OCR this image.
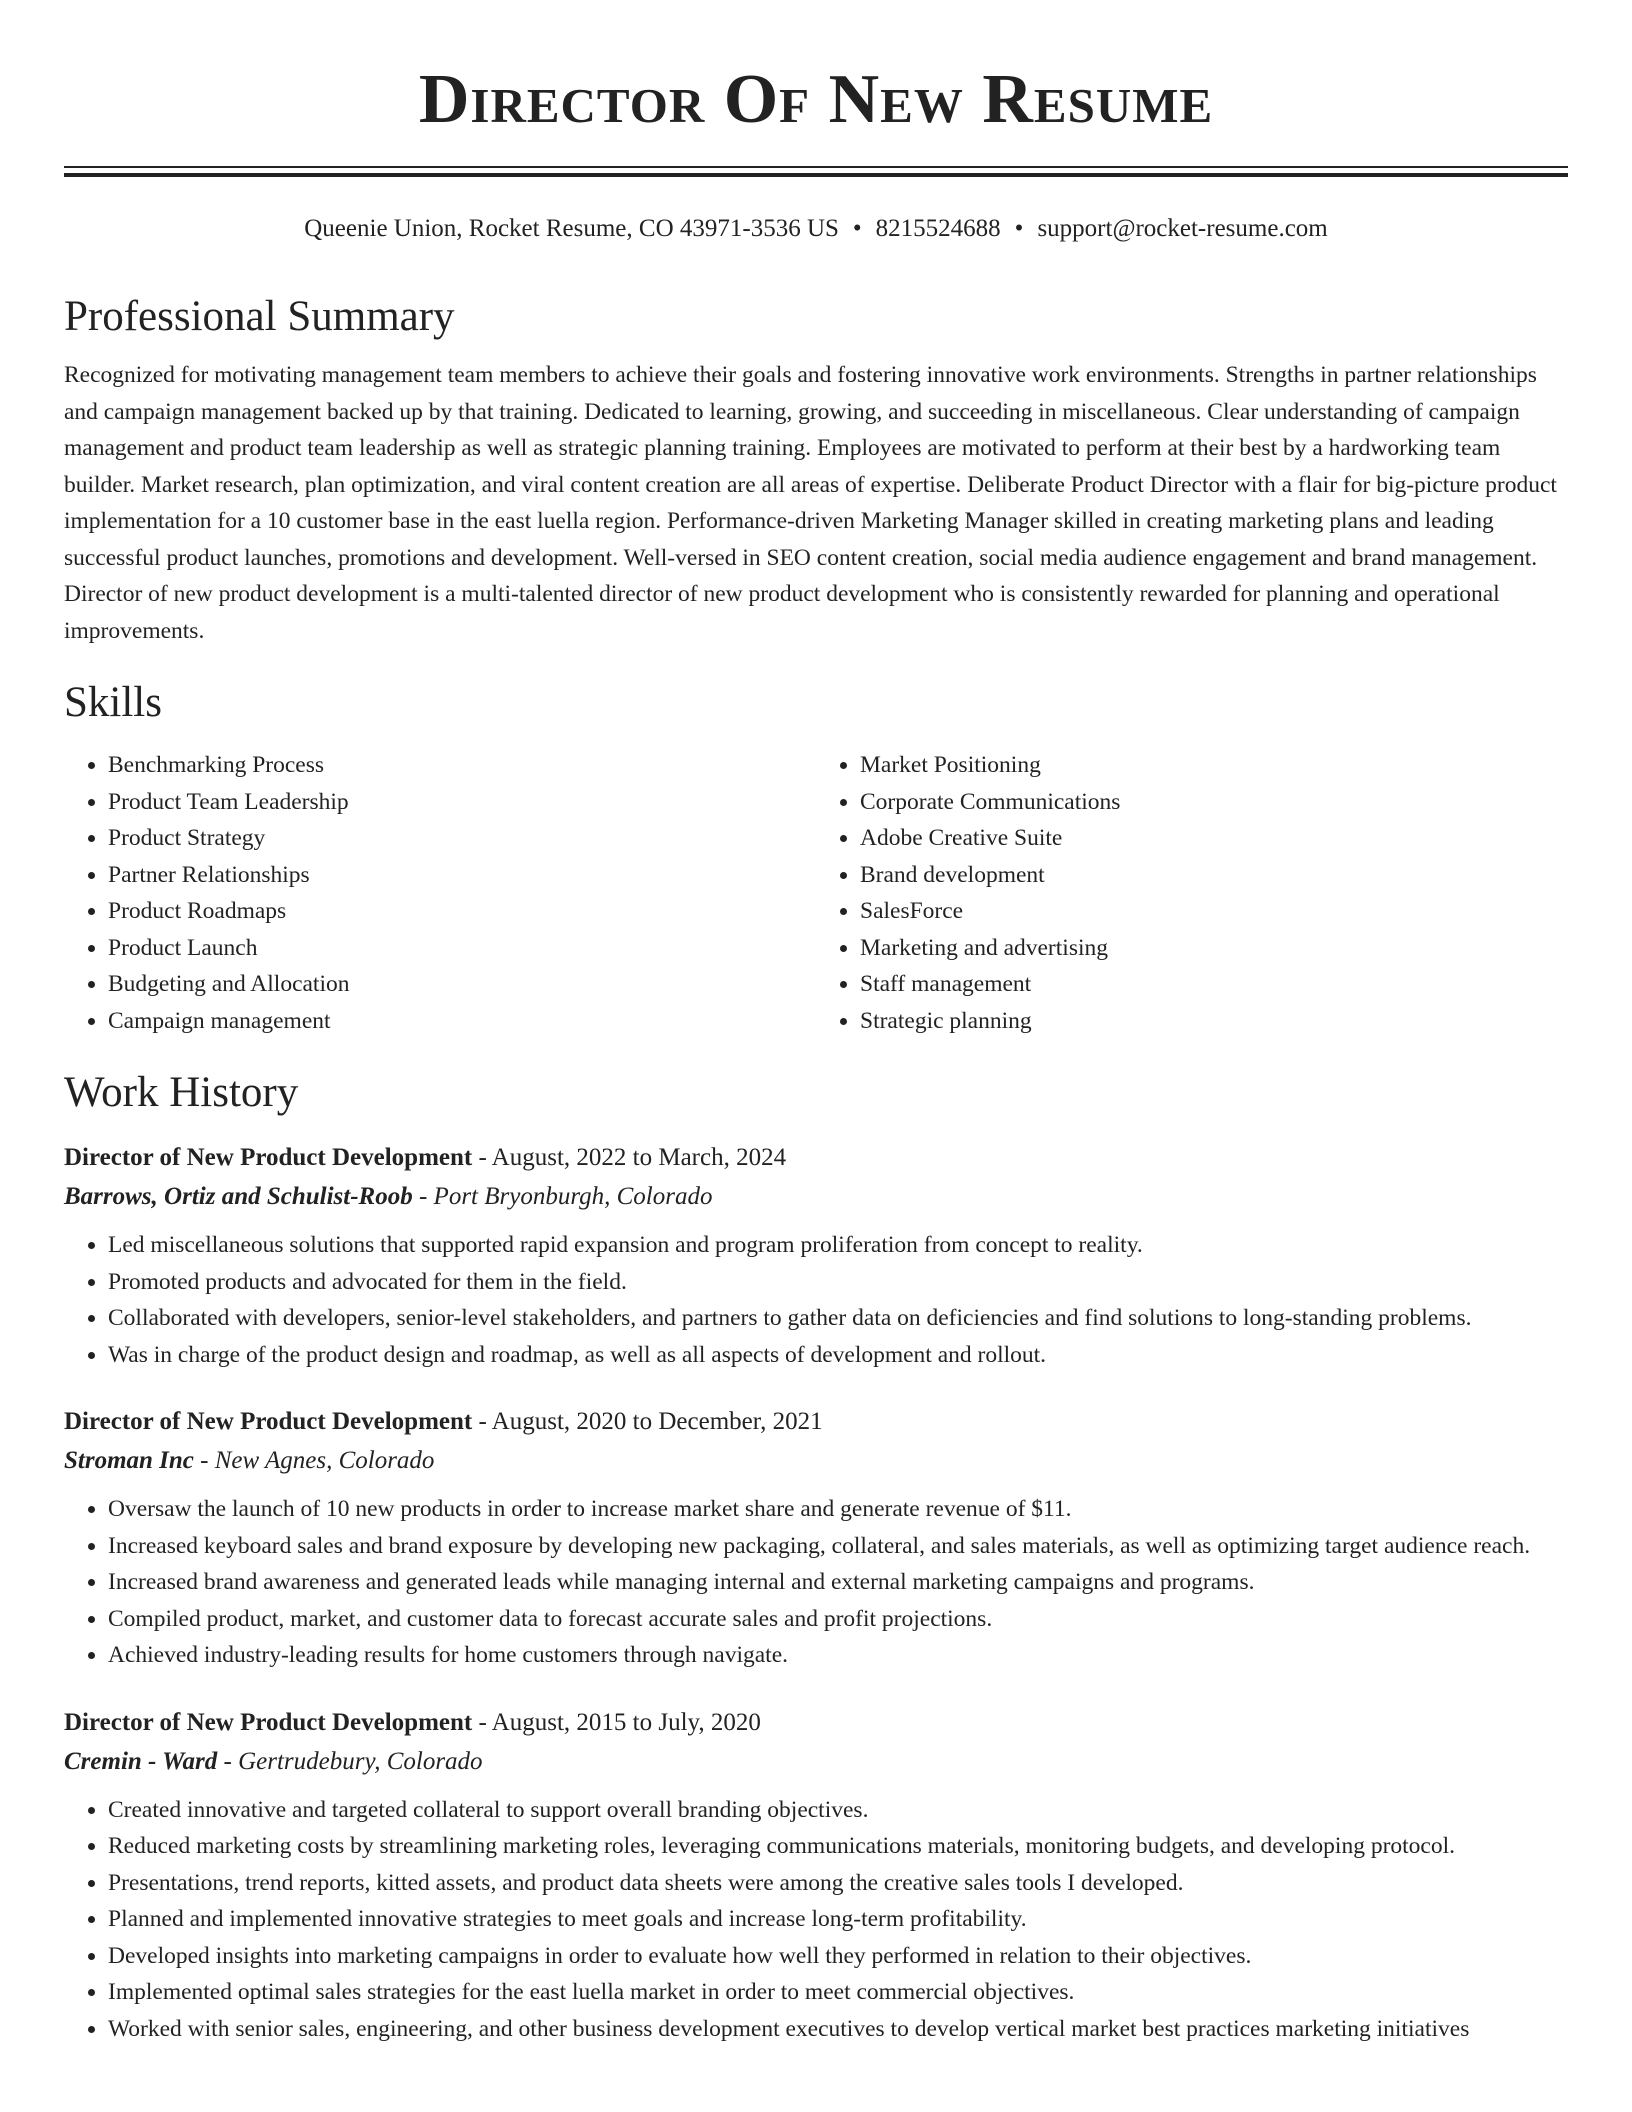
Director Of New Resume
Queenie Union, Rocket Resume, CO 43971-3536 US • 8215524688 • support@rocket-resume.com
Professional Summary

Recognized for motivating management team members to achieve their goals and fostering innovative work environments. Strengths in partner relationships and campaign management backed up by that training. Dedicated to learning, growing, and succeeding in miscellaneous. Clear understanding of campaign management and product team leadership as well as strategic planning training. Employees are motivated to perform at their best by a hardworking team builder. Market research, plan optimization, and viral content creation are all areas of expertise. Deliberate Product Director with a flair for big-picture product implementation for a 10 customer base in the east luella region. Performance-driven Marketing Manager skilled in creating marketing plans and leading successful product launches, promotions and development. Well-versed in SEO content creation, social media audience engagement and brand management. Director of new product development is a multi-talented director of new product development who is consistently rewarded for planning and operational improvements.

Skills
• Benchmarking Process
• Product Team Leadership
• Product Strategy
• Partner Relationships
• Product Roadmaps
• Product Launch
• Budgeting and Allocation
• Campaign management
• Market Positioning
• Corporate Communications
• Adobe Creative Suite
• Brand development
• SalesForce
• Marketing and advertising
• Staff management
• Strategic planning
Work History
Director of New Product Development - August, 2022 to March, 2024
Barrows, Ortiz and Schulist-Roob - Port Bryonburgh, Colorado
• Led miscellaneous solutions that supported rapid expansion and program proliferation from concept to reality.
• Promoted products and advocated for them in the field.
• Collaborated with developers, senior-level stakeholders, and partners to gather data on deficiencies and find solutions to long-standing problems.
• Was in charge of the product design and roadmap, as well as all aspects of development and rollout.
Director of New Product Development - August, 2020 to December, 2021
Stroman Inc - New Agnes, Colorado
• Oversaw the launch of 10 new products in order to increase market share and generate revenue of $11.
• Increased keyboard sales and brand exposure by developing new packaging, collateral, and sales materials, as well as optimizing target audience reach.
• Increased brand awareness and generated leads while managing internal and external marketing campaigns and programs.
• Compiled product, market, and customer data to forecast accurate sales and profit projections.
• Achieved industry-leading results for home customers through navigate.
Director of New Product Development - August, 2015 to July, 2020
Cremin - Ward - Gertrudebury, Colorado
• Created innovative and targeted collateral to support overall branding objectives.
• Reduced marketing costs by streamlining marketing roles, leveraging communications materials, monitoring budgets, and developing protocol.
• Presentations, trend reports, kitted assets, and product data sheets were among the creative sales tools I developed.
• Planned and implemented innovative strategies to meet goals and increase long-term profitability.
• Developed insights into marketing campaigns in order to evaluate how well they performed in relation to their objectives.
• Implemented optimal sales strategies for the east luella market in order to meet commercial objectives.
• Worked with senior sales, engineering, and other business development executives to develop vertical market best practices marketing initiatives
